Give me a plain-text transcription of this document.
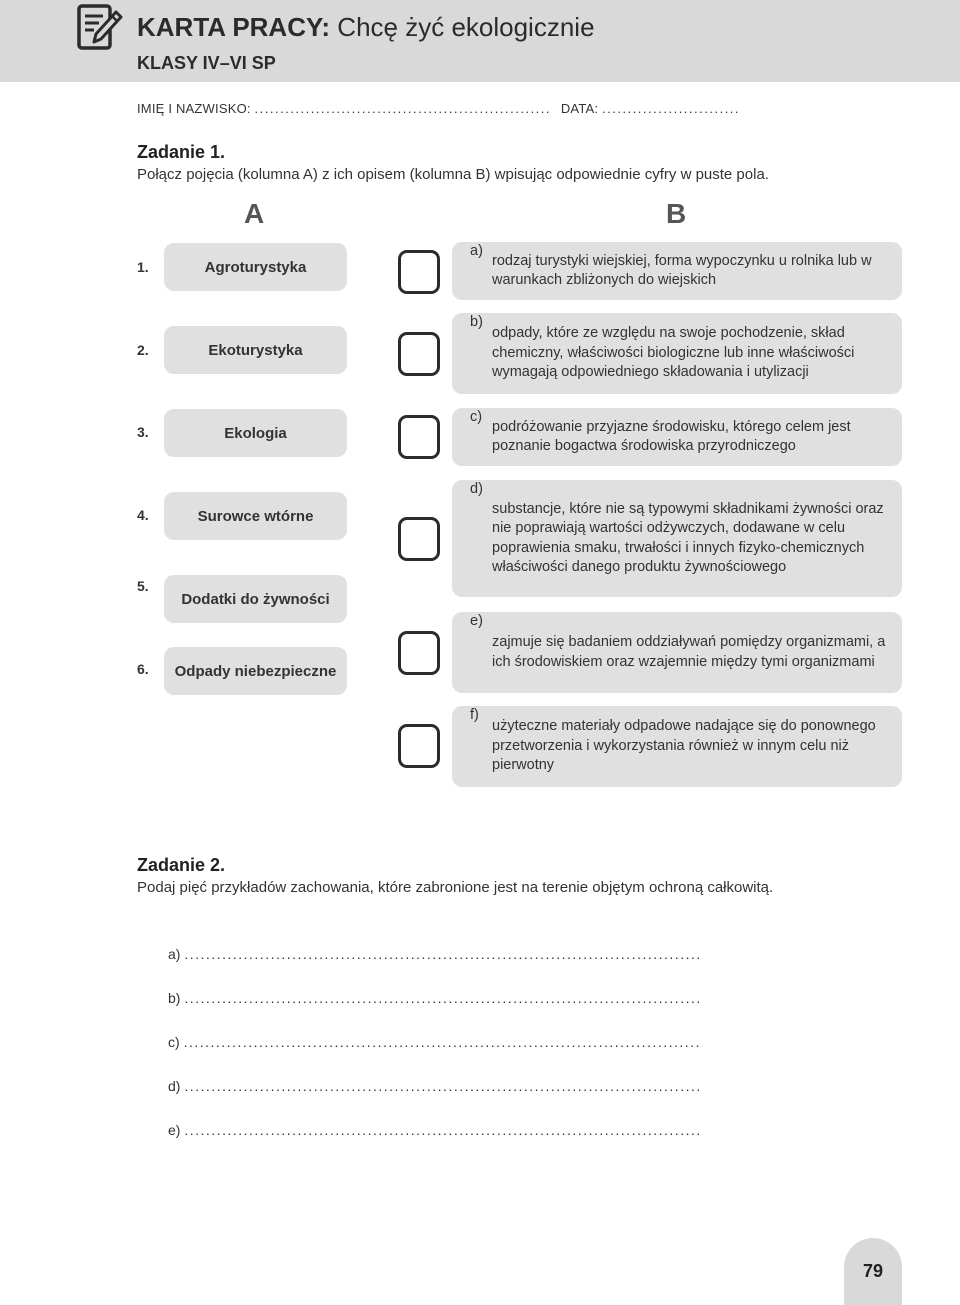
KARTA PRACY: Chcę żyć ekologicznie
KLASY IV–VI SP
IMIĘ I NAZWISKO: .......................................................... DATA: ...........................
Zadanie 1.
Połącz pojęcia (kolumna A) z ich opisem (kolumna B) wpisując odpowiednie cyfry w puste pola.
A	B
1.
2.
3.
4.
5.
6.
Agroturystyka
Ekoturystyka
Ekologia
Surowce wtórne
Dodatki do żywności
Odpady niebezpieczne
a)
rodzaj turystyki wiejskiej, forma wypoczynku u rolnika lub w warunkach zbliżonych do wiejskich
b)
odpady, które ze względu na swoje pochodzenie, skład chemiczny, właściwości biologiczne lub inne właściwości wymagają odpowiedniego składowania i utylizacji
c)
podróżowanie przyjazne środowisku, którego celem jest poznanie bogactwa środowiska przyrodniczego
d)
substancje, które nie są typowymi składnikami żywności oraz nie poprawiają wartości odżywczych, dodawane w celu poprawienia smaku, trwałości i innych fizyko-chemicznych właściwości danego produktu żywnościowego
e)
zajmuje się badaniem oddziaływań pomiędzy organizmami, a ich środowiskiem oraz wzajemnie między tymi organizmami
f)
użyteczne materiały odpadowe nadające się do ponownego przetworzenia i wykorzystania również w innym celu niż pierwotny
Zadanie 2.
Podaj pięć przykładów zachowania, które zabronione jest na terenie objętym ochroną całkowitą.
a) ................................................................................................
b) ................................................................................................
c) ................................................................................................
d) ................................................................................................
e) ................................................................................................
79
